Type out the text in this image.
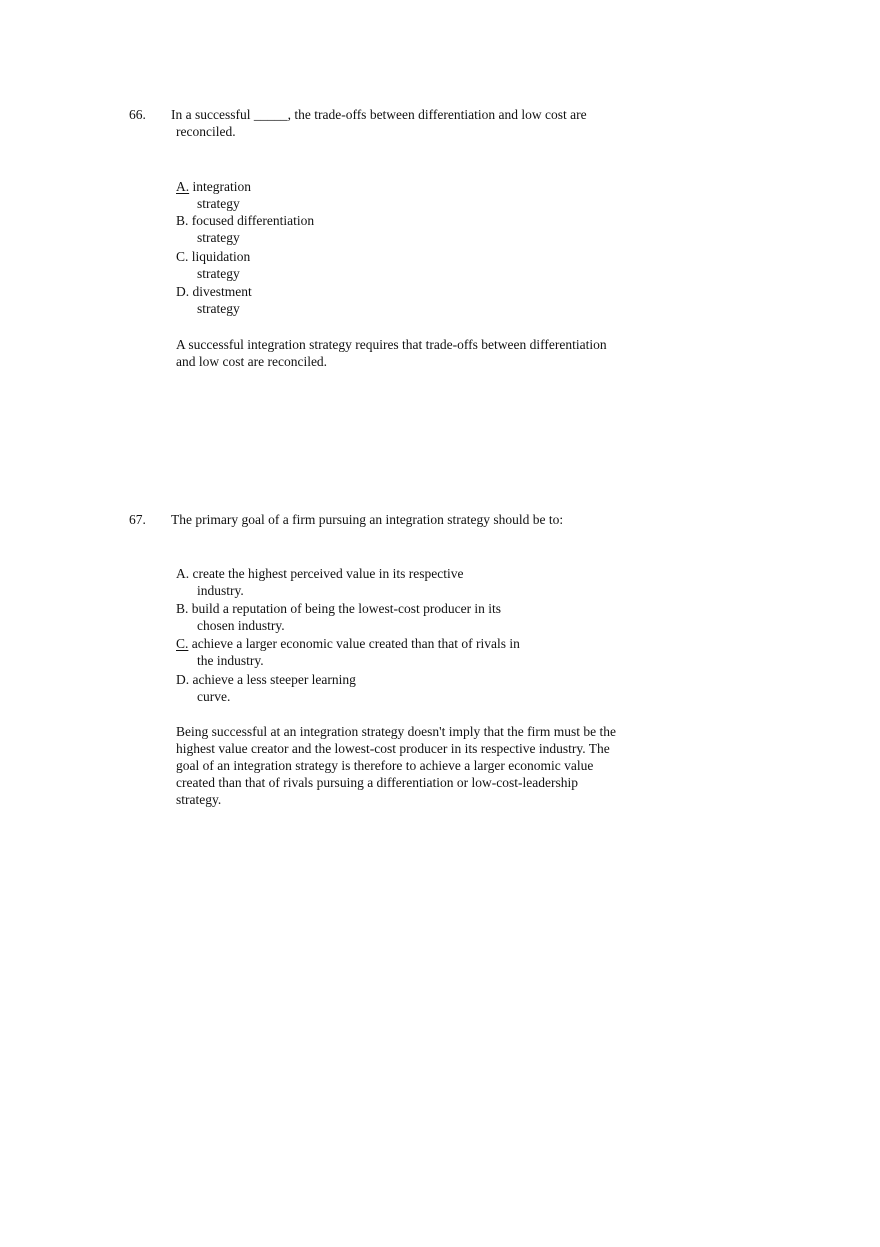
66. In a successful _____, the trade-offs between differentiation and low cost are
reconciled.
A. integration
strategy
B. focused differentiation
strategy
C. liquidation
strategy
D. divestment
strategy
A successful integration strategy requires that trade-offs between differentiation
and low cost are reconciled.
67. The primary goal of a firm pursuing an integration strategy should be to:
A. create the highest perceived value in its respective
industry.
B. build a reputation of being the lowest-cost producer in its
chosen industry.
C. achieve a larger economic value created than that of rivals in
the industry.
D. achieve a less steeper learning
curve.
Being successful at an integration strategy doesn't imply that the firm must be the
highest value creator and the lowest-cost producer in its respective industry. The
goal of an integration strategy is therefore to achieve a larger economic value
created than that of rivals pursuing a differentiation or low-cost-leadership
strategy.
